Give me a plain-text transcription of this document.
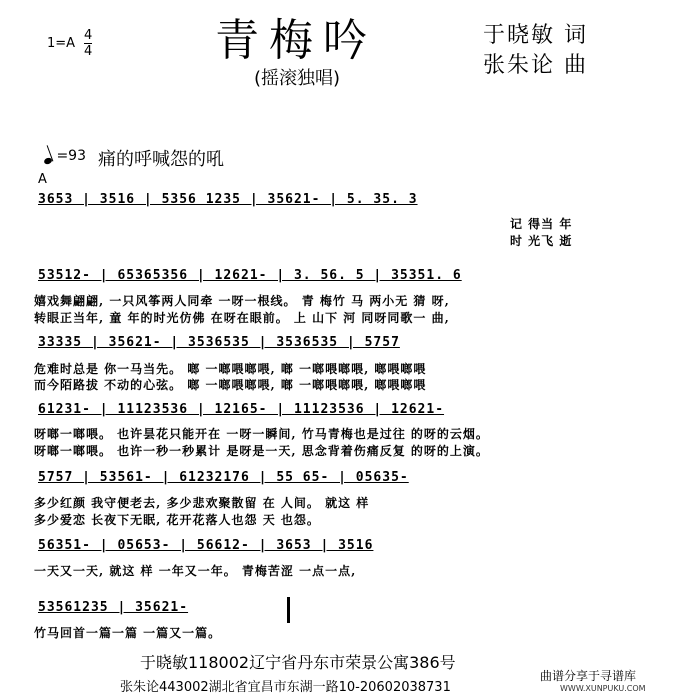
1=A
4
4	青梅吟
(摇滚独唱)
于晓敏 词
张朱论 曲
=93 痛的呼喊怨的吼
A
3653 | 3516 | 5356 1235 | 35621- | 5. 35. 3
记 得当 年
时 光飞 逝
53512- | 65365356 | 12621- | 3. 56. 5 | 35351. 6
嬉戏舞翩翩, 一只风筝两人同牵 一呀一根线。 青 梅竹 马 两小无 猜 呀,
转眼正当年, 童 年的时光仿佛 在呀在眼前。 上 山下 河 同呀同歌一 曲,
33335 | 35621- | 3536535 | 3536535 | 5757
危难时总是 你一马当先。 啷 一啷喂啷喂, 啷 一啷喂啷喂, 啷喂啷喂
而今陌路拔 不动的心弦。 啷 一啷喂啷喂, 啷 一啷喂啷喂, 啷喂啷喂
61231- | 11123536 | 12165- | 11123536 | 12621-
呀啷一啷喂。 也许昙花只能开在 一呀一瞬间, 竹马青梅也是过往 的呀的云烟。
呀啷一啷喂。 也许一秒一秒累计 是呀是一天, 思念背着伤痛反复 的呀的上演。
5757 | 53561- | 61232176 | 55 65- | 05635-
多少红颜 我守便老去, 多少悲欢聚散留 在 人间。 就这 样
多少爱恋 长夜下无眠, 花开花落人也怨 天 也怨。
56351- | 05653- | 56612- | 3653 | 3516
一天又一天, 就这 样 一年又一年。 青梅苦涩 一点一点,
53561235 | 35621-
竹马回首一篇一篇 一篇又一篇。
于晓敏118002辽宁省丹东市荣景公寓386号
张朱论443002湖北省宜昌市东湖一路10-20602038731
曲谱分享于寻谱库
WWW.XUNPUKU.COM
